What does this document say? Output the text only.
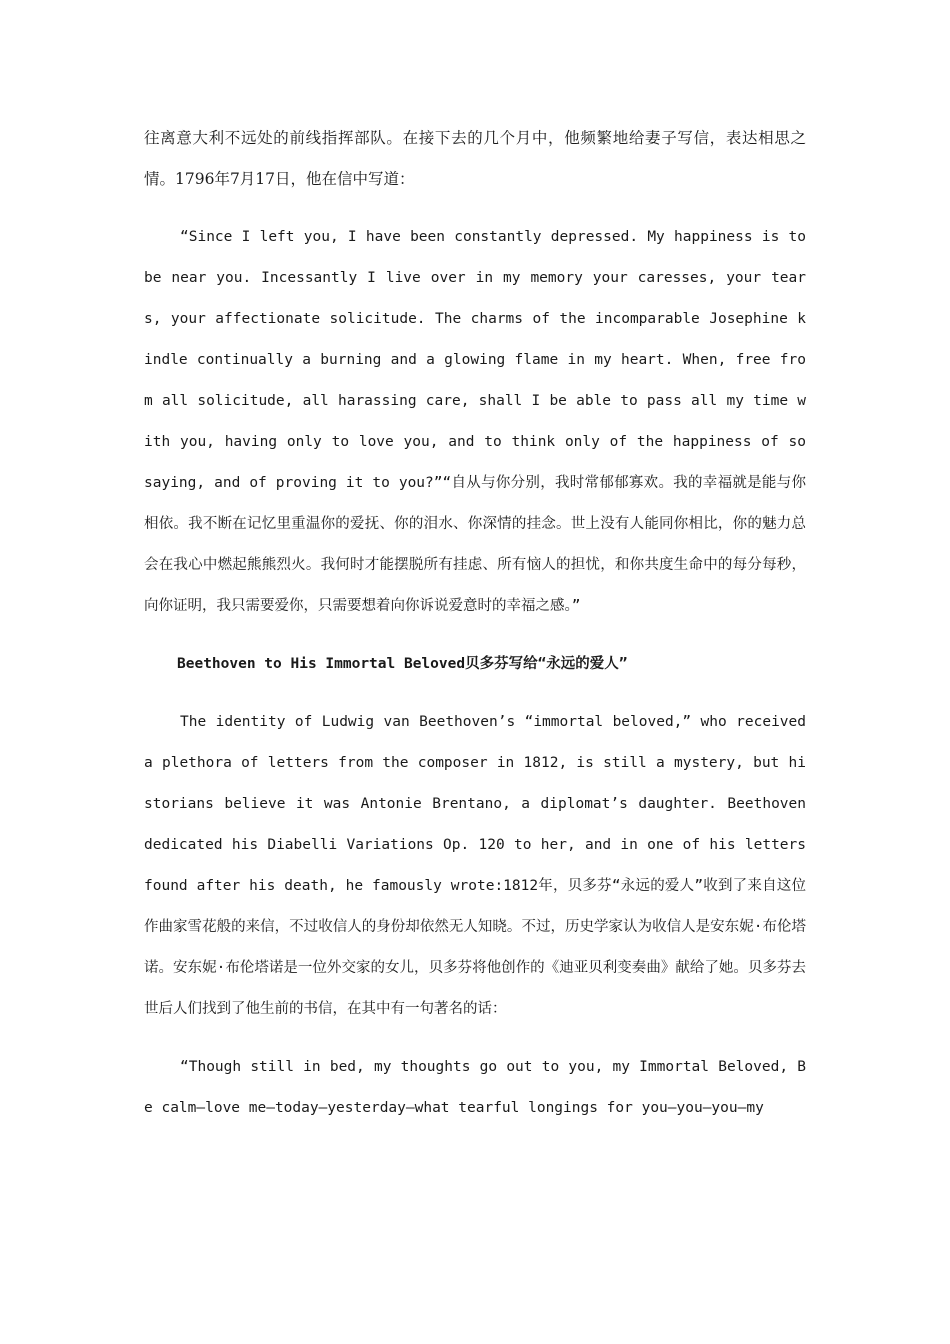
往离意大利不远处的前线指挥部队。在接下去的几个月中，他频繁地给妻子写信，表达相思之情。1796年7月17日，他在信中写道：

“Since I left you, I have been constantly depressed. My happiness is to be near you. Incessantly I live over in my memory your caresses, your tears, your affectionate solicitude. The charms of the incomparable Josephine kindle continually a burning and a glowing flame in my heart. When, free from all solicitude, all harassing care, shall I be able to pass all my time with you, having only to love you, and to think only of the happiness of so saying, and of proving it to you?”“自从与你分别，我时常郁郁寡欢。我的幸福就是能与你相依。我不断在记忆里重温你的爱抚、你的泪水、你深情的挂念。世上没有人能同你相比，你的魅力总会在我心中燃起熊熊烈火。我何时才能摆脱所有挂虑、所有恼人的担忧，和你共度生命中的每分每秒，向你证明，我只需要爱你，只需要想着向你诉说爱意时的幸福之感。”

Beethoven to His Immortal Beloved贝多芬写给“永远的爱人”

The identity of Ludwig van Beethoven’s “immortal beloved,” who received a plethora of letters from the composer in 1812, is still a mystery, but historians believe it was Antonie Brentano, a diplomat’s daughter. Beethoven dedicated his Diabelli Variations Op. 120 to her, and in one of his letters found after his death, he famously wrote:1812年，贝多芬“永远的爱人”收到了来自这位作曲家雪花般的来信，不过收信人的身份却依然无人知晓。不过，历史学家认为收信人是安东妮·布伦塔诺。安东妮·布伦塔诺是一位外交家的女儿，贝多芬将他创作的《迪亚贝利变奏曲》献给了她。贝多芬去世后人们找到了他生前的书信，在其中有一句著名的话：

“Though still in bed, my thoughts go out to you, my Immortal Beloved, Be calm–love me–today–yesterday–what tearful longings for you–you–you–my
